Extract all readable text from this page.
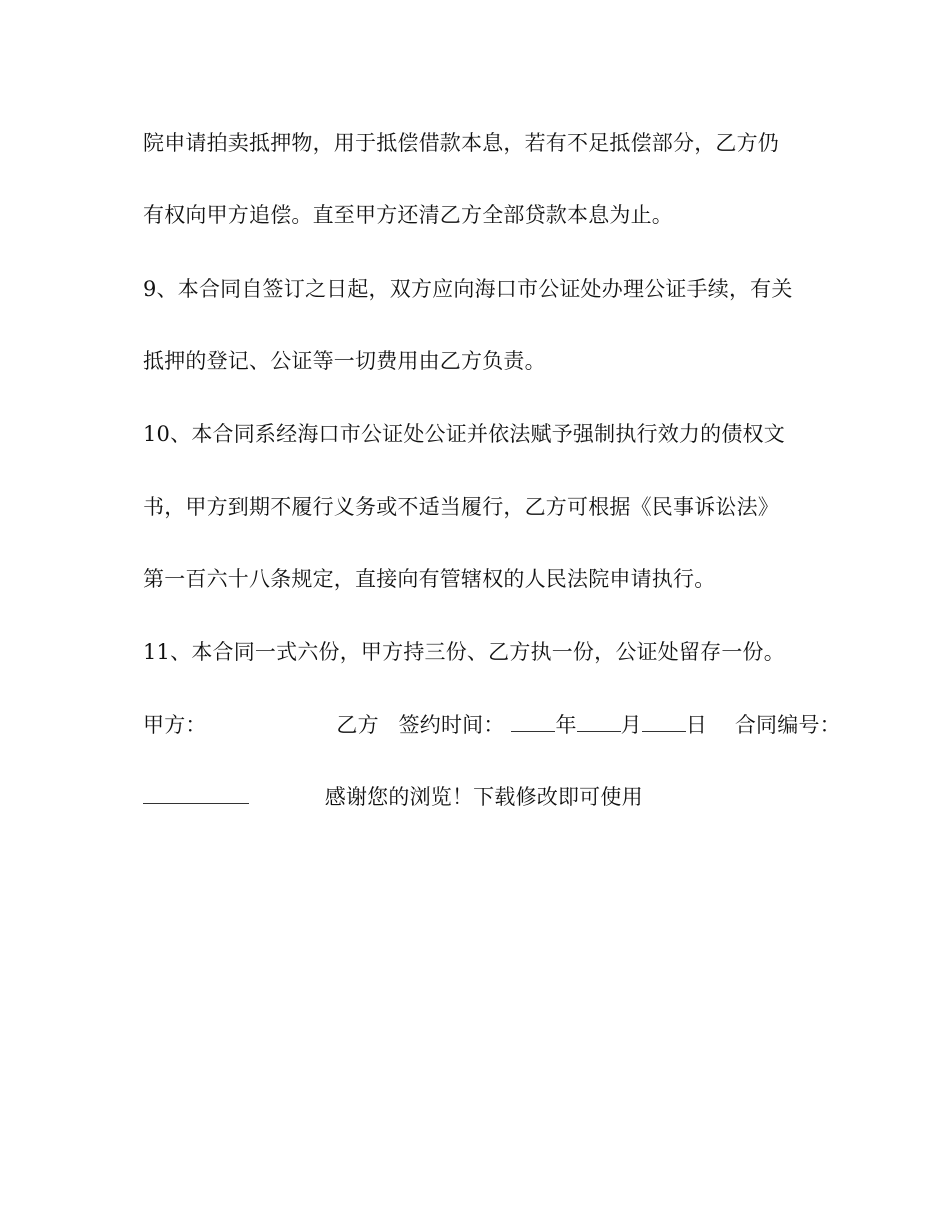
院申请拍卖抵押物，用于抵偿借款本息，若有不足抵偿部分，乙方仍
有权向甲方追偿。直至甲方还清乙方全部贷款本息为止。
9、本合同自签订之日起，双方应向海口市公证处办理公证手续，有关
抵押的登记、公证等一切费用由乙方负责。
10、本合同系经海口市公证处公证并依法赋予强制执行效力的债权文
书，甲方到期不履行义务或不适当履行，乙方可根据《民事诉讼法》
第一百六十八条规定，直接向有管辖权的人民法院申请执行。
11、本合同一式六份，甲方持三份、乙方执一份，公证处留存一份。
甲方：	乙方 签约时间： 年 月 日 合同编号：
感谢您的浏览！下载修改即可使用
